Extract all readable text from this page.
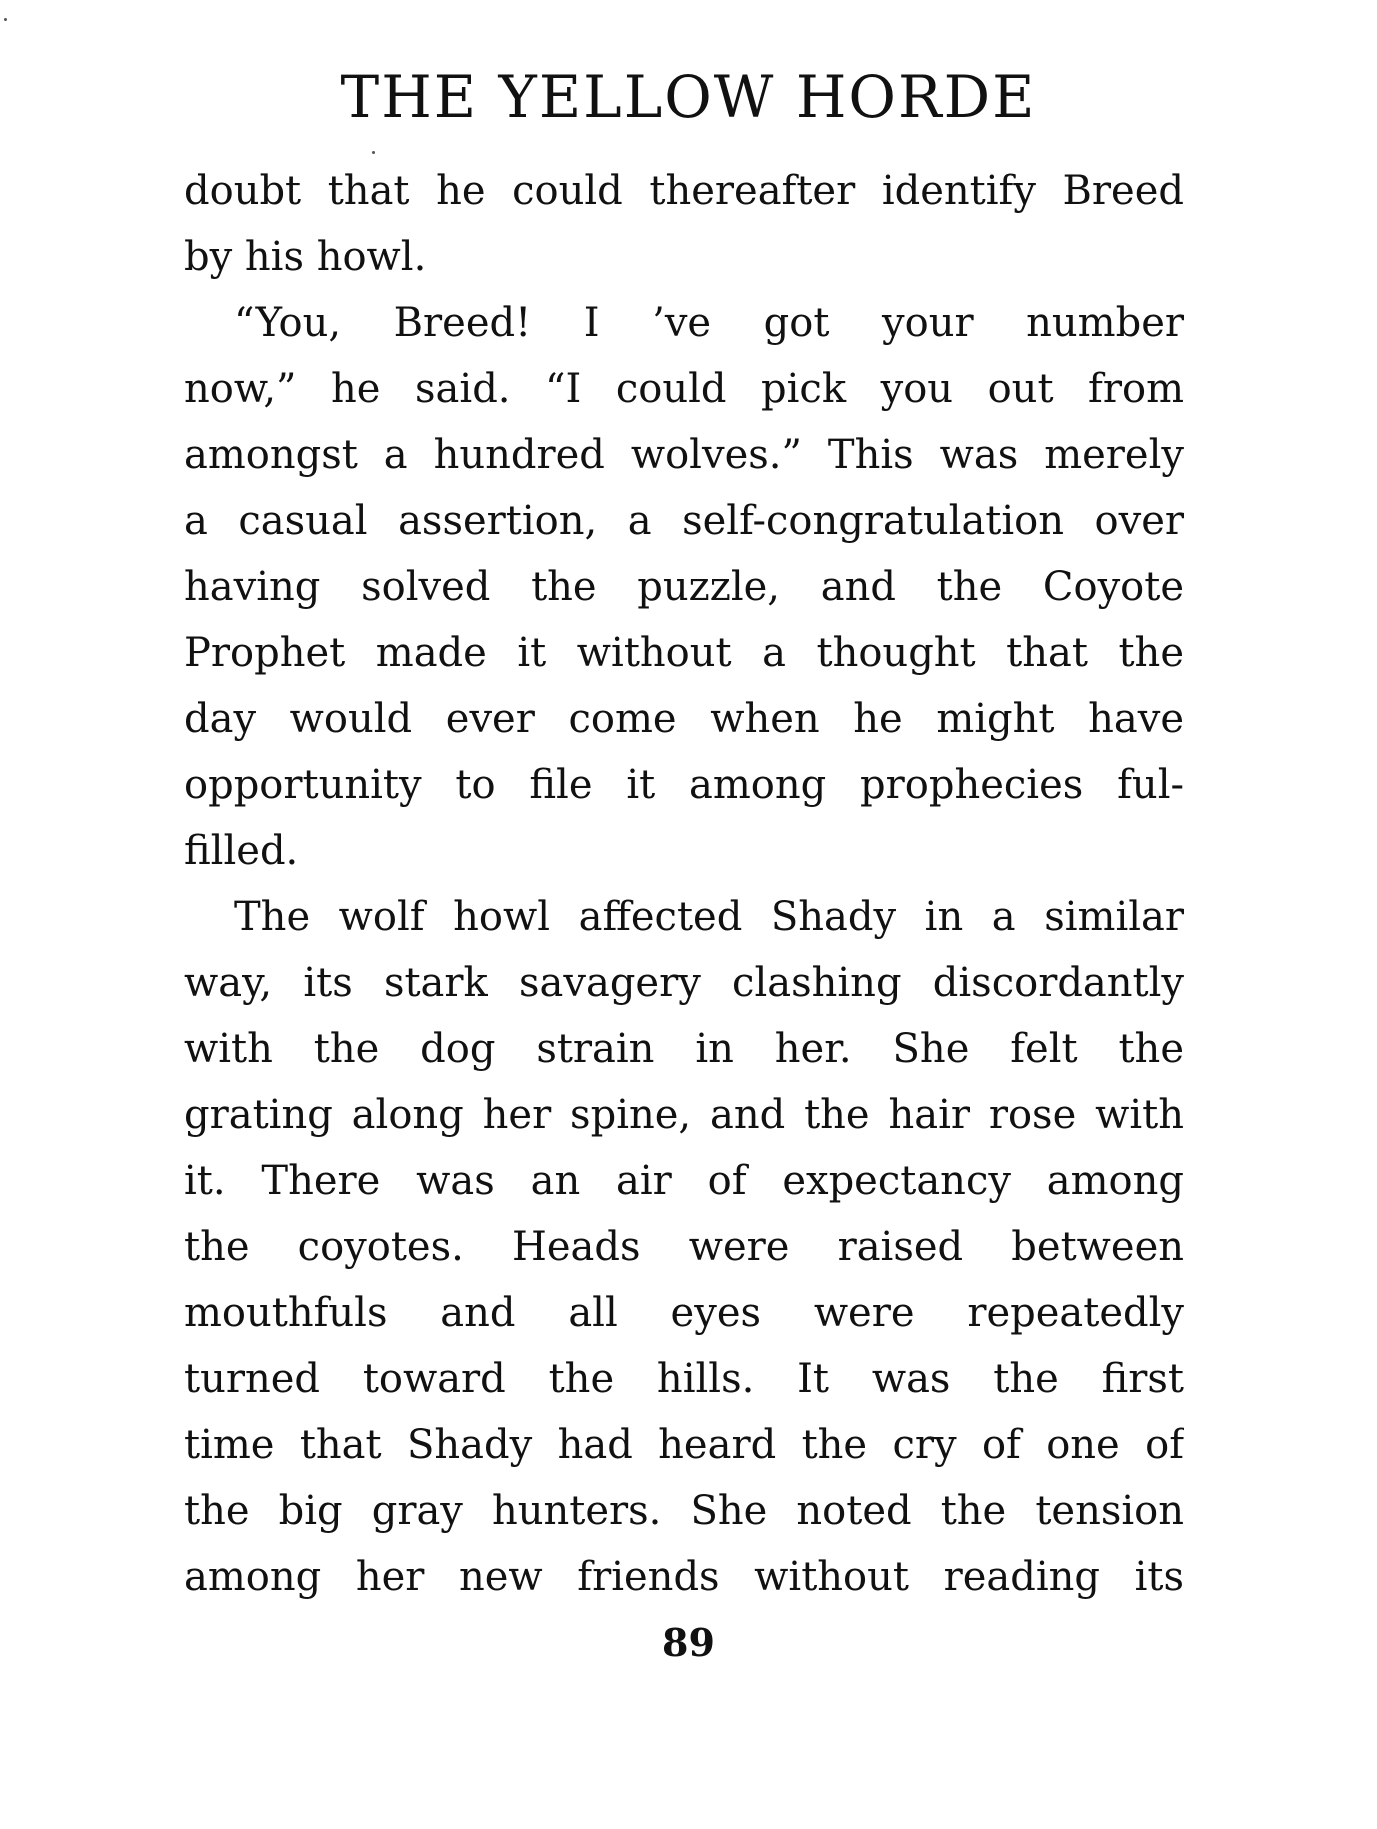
THE YELLOW HORDE
doubt that he could thereafter identify Breed
by his howl.
“You, Breed! I ’ve got your number
now,” he said. “I could pick you out from
amongst a hundred wolves.” This was merely
a casual assertion, a self-congratulation over
having solved the puzzle, and the Coyote
Prophet made it without a thought that the
day would ever come when he might have
opportunity to file it among prophecies ful-
filled.
The wolf howl affected Shady in a similar
way, its stark savagery clashing discordantly
with the dog strain in her. She felt the
grating along her spine, and the hair rose with
it. There was an air of expectancy among
the coyotes. Heads were raised between
mouthfuls and all eyes were repeatedly
turned toward the hills. It was the first
time that Shady had heard the cry of one of
the big gray hunters. She noted the tension
among her new friends without reading its
89
